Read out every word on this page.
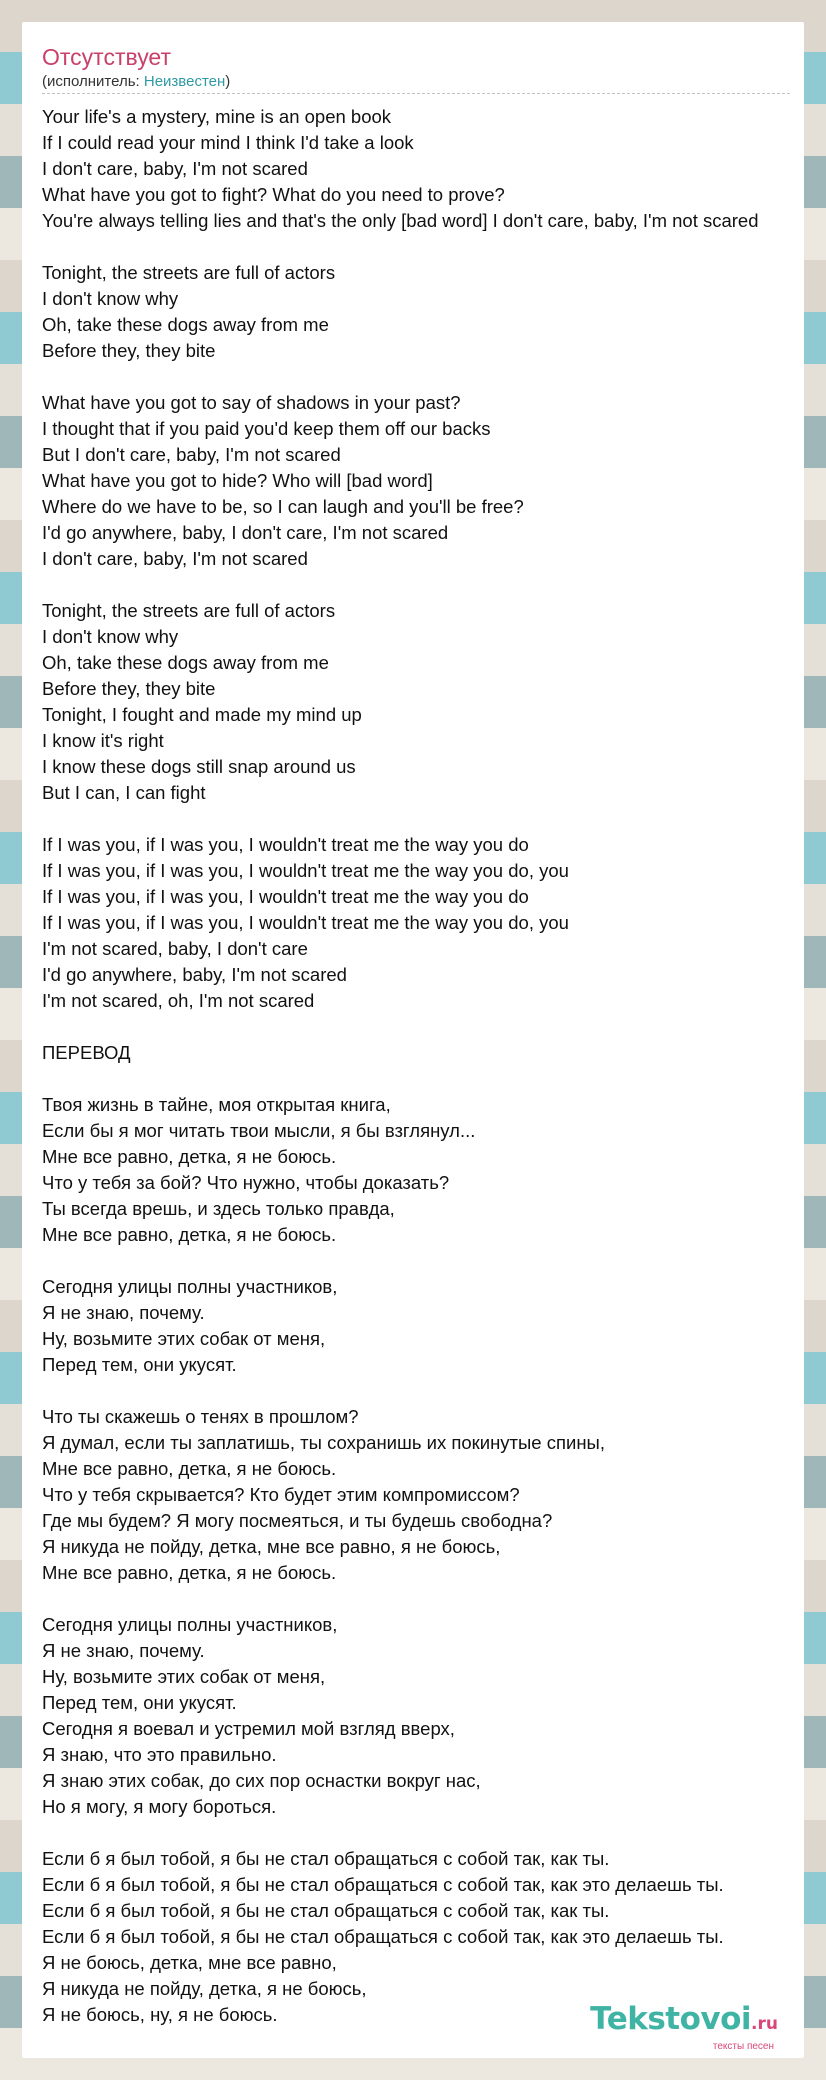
Отсутствует
(исполнитель: Неизвестен)
Your life's a mystery, mine is an open book
If I could read your mind I think I'd take a look
I don't care, baby, I'm not scared
What have you got to fight? What do you need to prove?
You're always telling lies and that's the only [bad word] I don't care, baby, I'm not scared
Tonight, the streets are full of actors
I don't know why
Oh, take these dogs away from me
Before they, they bite
What have you got to say of shadows in your past?
I thought that if you paid you'd keep them off our backs
But I don't care, baby, I'm not scared
What have you got to hide? Who will [bad word]
Where do we have to be, so I can laugh and you'll be free?
I'd go anywhere, baby, I don't care, I'm not scared
I don't care, baby, I'm not scared
Tonight, the streets are full of actors
I don't know why
Oh, take these dogs away from me
Before they, they bite
Tonight, I fought and made my mind up
I know it's right
I know these dogs still snap around us
But I can, I can fight
If I was you, if I was you, I wouldn't treat me the way you do
If I was you, if I was you, I wouldn't treat me the way you do, you
If I was you, if I was you, I wouldn't treat me the way you do
If I was you, if I was you, I wouldn't treat me the way you do, you
I'm not scared, baby, I don't care
I'd go anywhere, baby, I'm not scared
I'm not scared, oh, I'm not scared
ПЕРЕВОД
Твоя жизнь в тайне, моя открытая книга,
Если бы я мог читать твои мысли, я бы взглянул...
Мне все равно, детка, я не боюсь.
Что у тебя за бой? Что нужно, чтобы доказать?
Ты всегда врешь, и здесь только правда,
Мне все равно, детка, я не боюсь.
Сегодня улицы полны участников,
Я не знаю, почему.
Ну, возьмите этих собак от меня,
Перед тем, они укусят.
Что ты скажешь о тенях в прошлом?
Я думал, если ты заплатишь, ты сохранишь их покинутые спины,
Мне все равно, детка, я не боюсь.
Что у тебя скрывается? Кто будет этим компромиссом?
Где мы будем? Я могу посмеяться, и ты будешь свободна?
Я никуда не пойду, детка, мне все равно, я не боюсь,
Мне все равно, детка, я не боюсь.
Сегодня улицы полны участников,
Я не знаю, почему.
Ну, возьмите этих собак от меня,
Перед тем, они укусят.
Сегодня я воевал и устремил мой взгляд вверх,
Я знаю, что это правильно.
Я знаю этих собак, до сих пор оснастки вокруг нас,
Но я могу, я могу бороться.
Если б я был тобой, я бы не стал обращаться с собой так, как ты.
Если б я был тобой, я бы не стал обращаться с собой так, как это делаешь ты.
Если б я был тобой, я бы не стал обращаться с собой так, как ты.
Если б я был тобой, я бы не стал обращаться с собой так, как это делаешь ты.
Я не боюсь, детка, мне все равно,
Я никуда не пойду, детка, я не боюсь,
Я не боюсь, ну, я не боюсь.	Tekstovoi.ru
тексты песен
